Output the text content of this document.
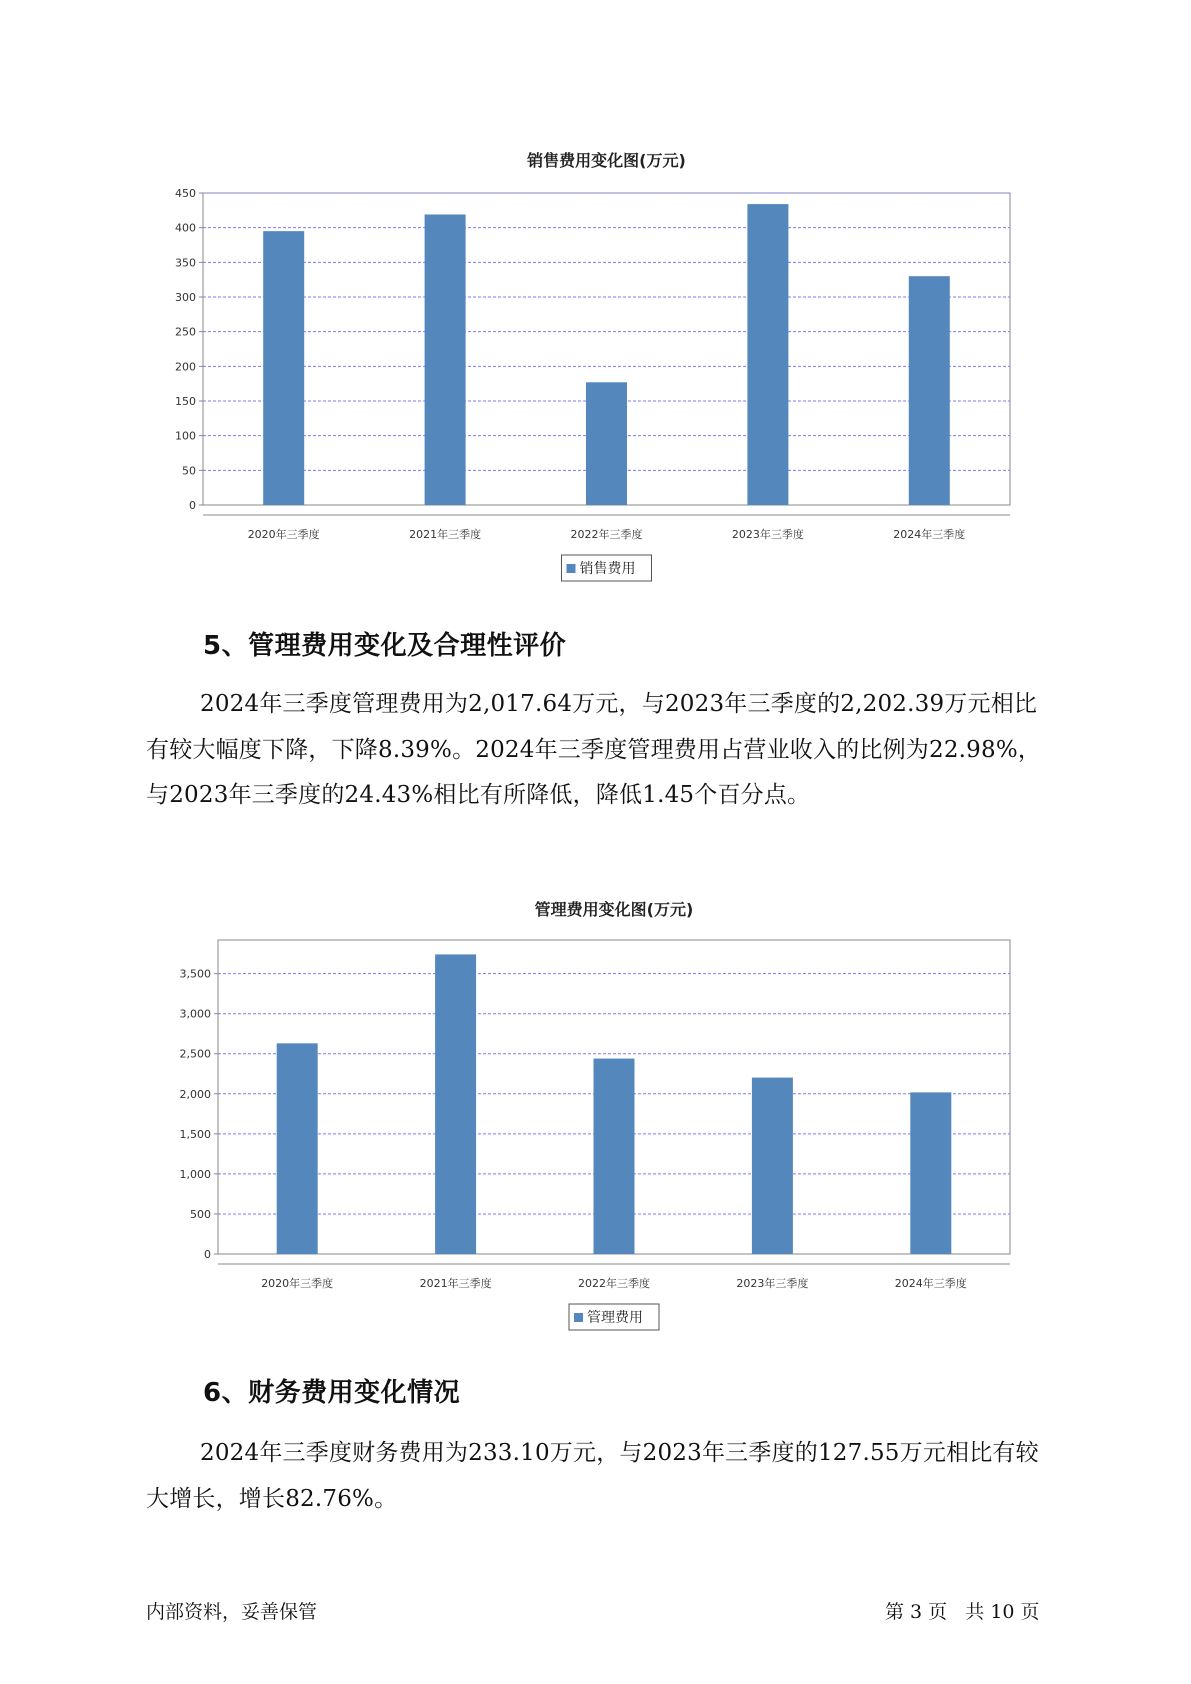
销售费用变化图(万元)
0
50
100
150
200
250
300
350
400
450
2020年三季度	2021年三季度	2022年三季度	2023年三季度	2024年三季度
销售费用
5、管理费用变化及合理性评价

2024年三季度管理费用为2,017.64万元，与2023年三季度的2,202.39万元相比有较大幅度下降，下降8.39%。2024年三季度管理费用占营业收入的比例为22.98%，与2023年三季度的24.43%相比有所降低，降低1.45个百分点。

管理费用变化图(万元)
0
500
1,000
1,500
2,000
2,500
3,000
3,500
2020年三季度	2021年三季度	2022年三季度	2023年三季度	2024年三季度
管理费用
6、财务费用变化情况

2024年三季度财务费用为233.10万元，与2023年三季度的127.55万元相比有较大增长，增长82.76%。

内部资料，妥善保管	第 3 页   共 10 页
